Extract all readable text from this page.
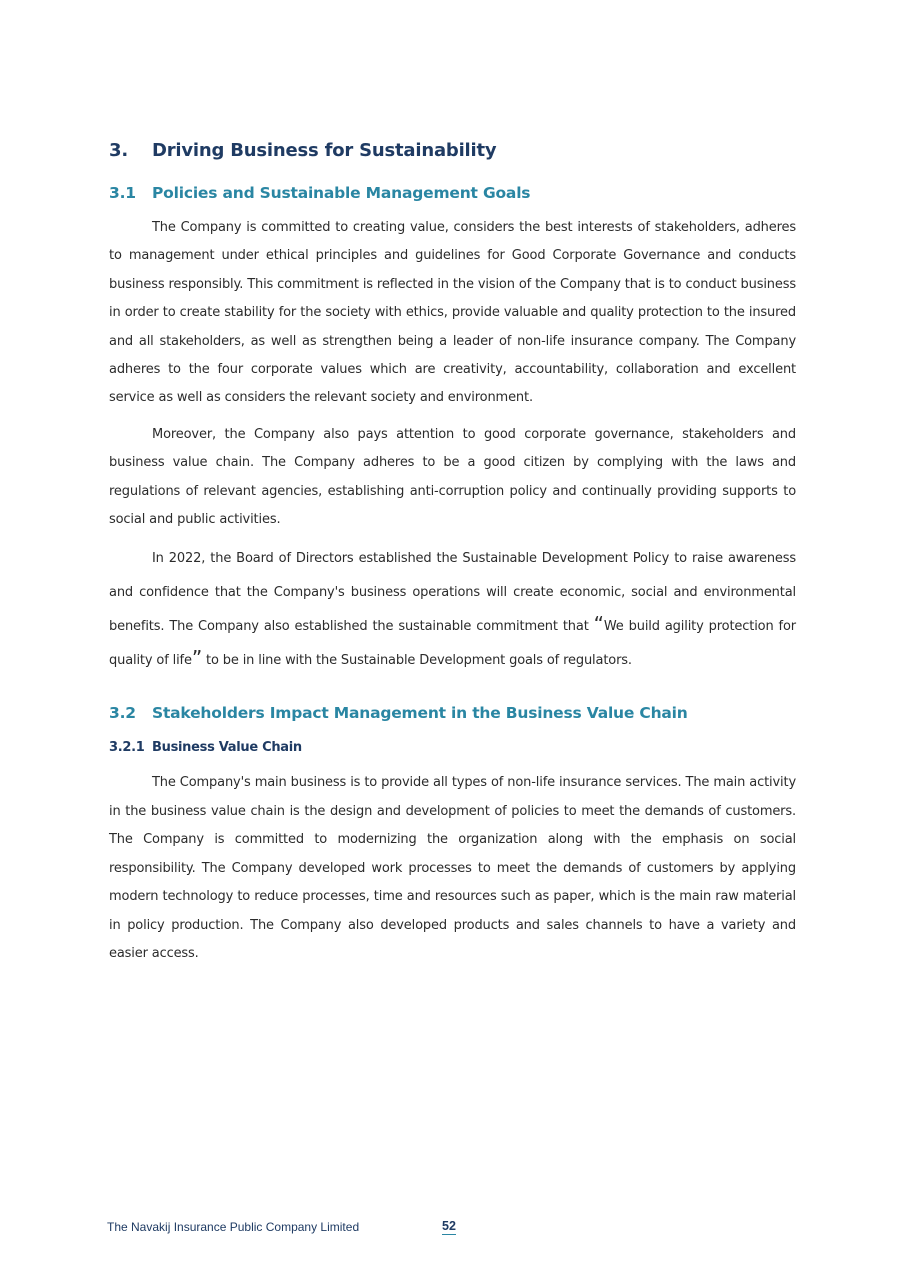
3.	Driving Business for Sustainability
3.1	Policies and Sustainable Management Goals

The Company is committed to creating value, considers the best interests of stakeholders, adheres to management under ethical principles and guidelines for Good Corporate Governance and conducts business responsibly. This commitment is reflected in the vision of the Company that is to conduct business in order to create stability for the society with ethics, provide valuable and quality protection to the insured and all stakeholders, as well as strengthen being a leader of non-life insurance company. The Company adheres to the four corporate values which are creativity, accountability, collaboration and excellent service as well as considers the relevant society and environment.

Moreover, the Company also pays attention to good corporate governance, stakeholders and business value chain. The Company adheres to be a good citizen by complying with the laws and regulations of relevant agencies, establishing anti-corruption policy and continually providing supports to social and public activities.

In 2022, the Board of Directors established the Sustainable Development Policy to raise awareness and confidence that the Company's business operations will create economic, social and environmental benefits. The Company also established the sustainable commitment that “We build agility protection for quality of life” to be in line with the Sustainable Development goals of regulators.

3.2	Stakeholders Impact Management in the Business Value Chain
3.2.1 Business Value Chain

The Company's main business is to provide all types of non-life insurance services. The main activity in the business value chain is the design and development of policies to meet the demands of customers. The Company is committed to modernizing the organization along with the emphasis on social responsibility. The Company developed work processes to meet the demands of customers by applying modern technology to reduce processes, time and resources such as paper, which is the main raw material in policy production. The Company also developed products and sales channels to have a variety and easier access.

The Navakij Insurance Public Company Limited	52
